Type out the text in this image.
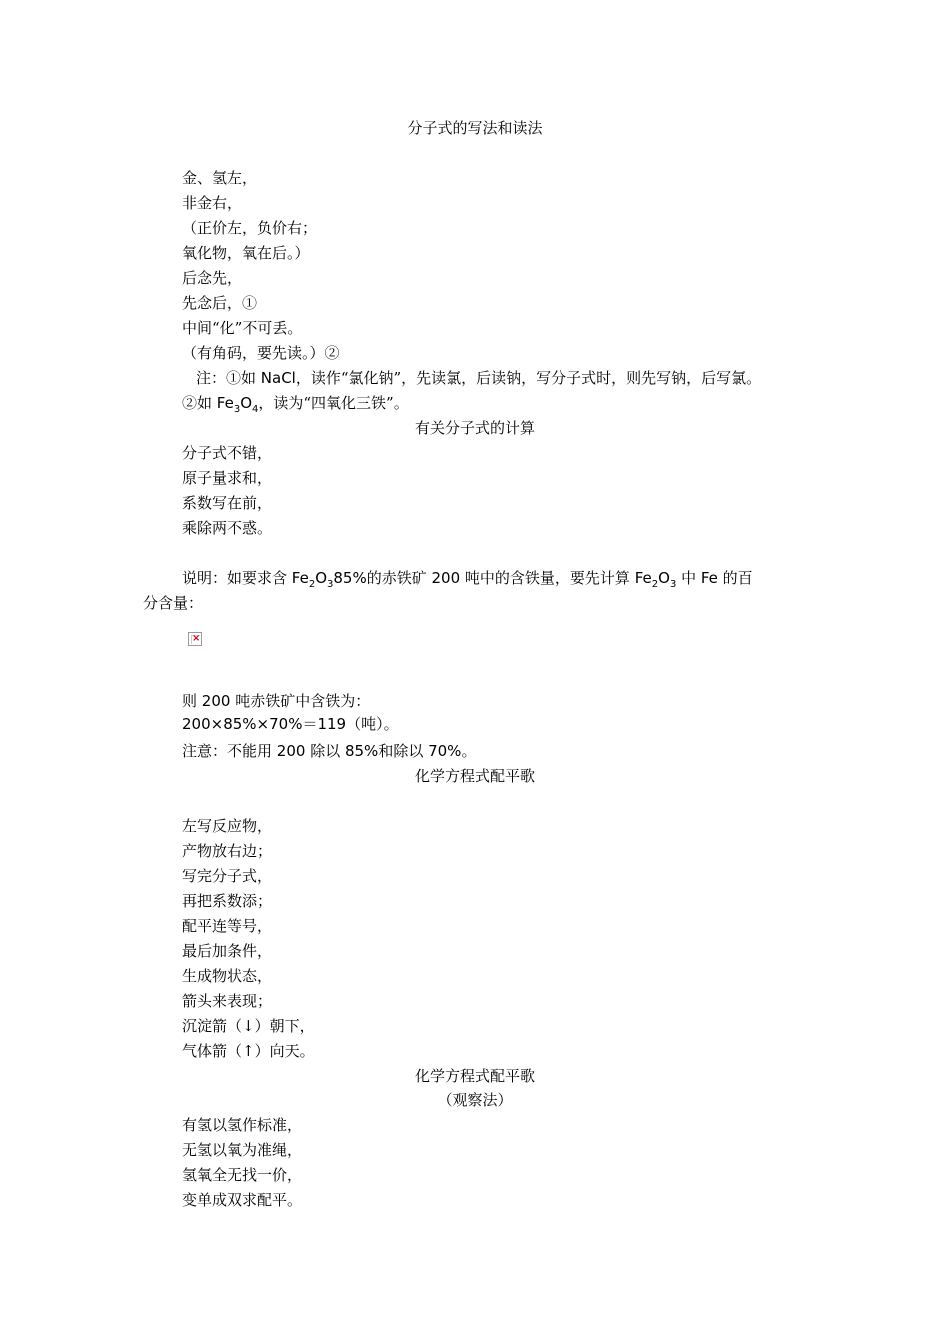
分子式的写法和读法
金、氢左，
非金右，
（正价左，负价右；
氧化物，氧在后。）
后念先，
先念后，①
中间“化”不可丢。
（有角码，要先读。）②
注：①如 NaCl，读作“氯化钠”，先读氯，后读钠，写分子式时，则先写钠，后写氯。
②如 $Fe_3O_4$，读为“四氧化三铁”。
有关分子式的计算
分子式不错，
原子量求和，
系数写在前，
乘除两不惑。
说明：如要求含 $Fe_2O_385\%$的赤铁矿 200 吨中的含铁量，要先计算 $Fe_2O_3$ 中 Fe 的百
分含量：
×
则 200 吨赤铁矿中含铁为：
200×85%×70%＝119（吨）。
注意：不能用 200 除以 85%和除以 70%。
化学方程式配平歌
左写反应物，
产物放右边；
写完分子式，
再把系数添；
配平连等号，
最后加条件，
生成物状态，
箭头来表现；
沉淀箭（↓）朝下，
气体箭（↑）向天。
化学方程式配平歌
（观察法）
有氢以氢作标准，
无氢以氧为准绳，
氢氧全无找一价，
变单成双求配平。
